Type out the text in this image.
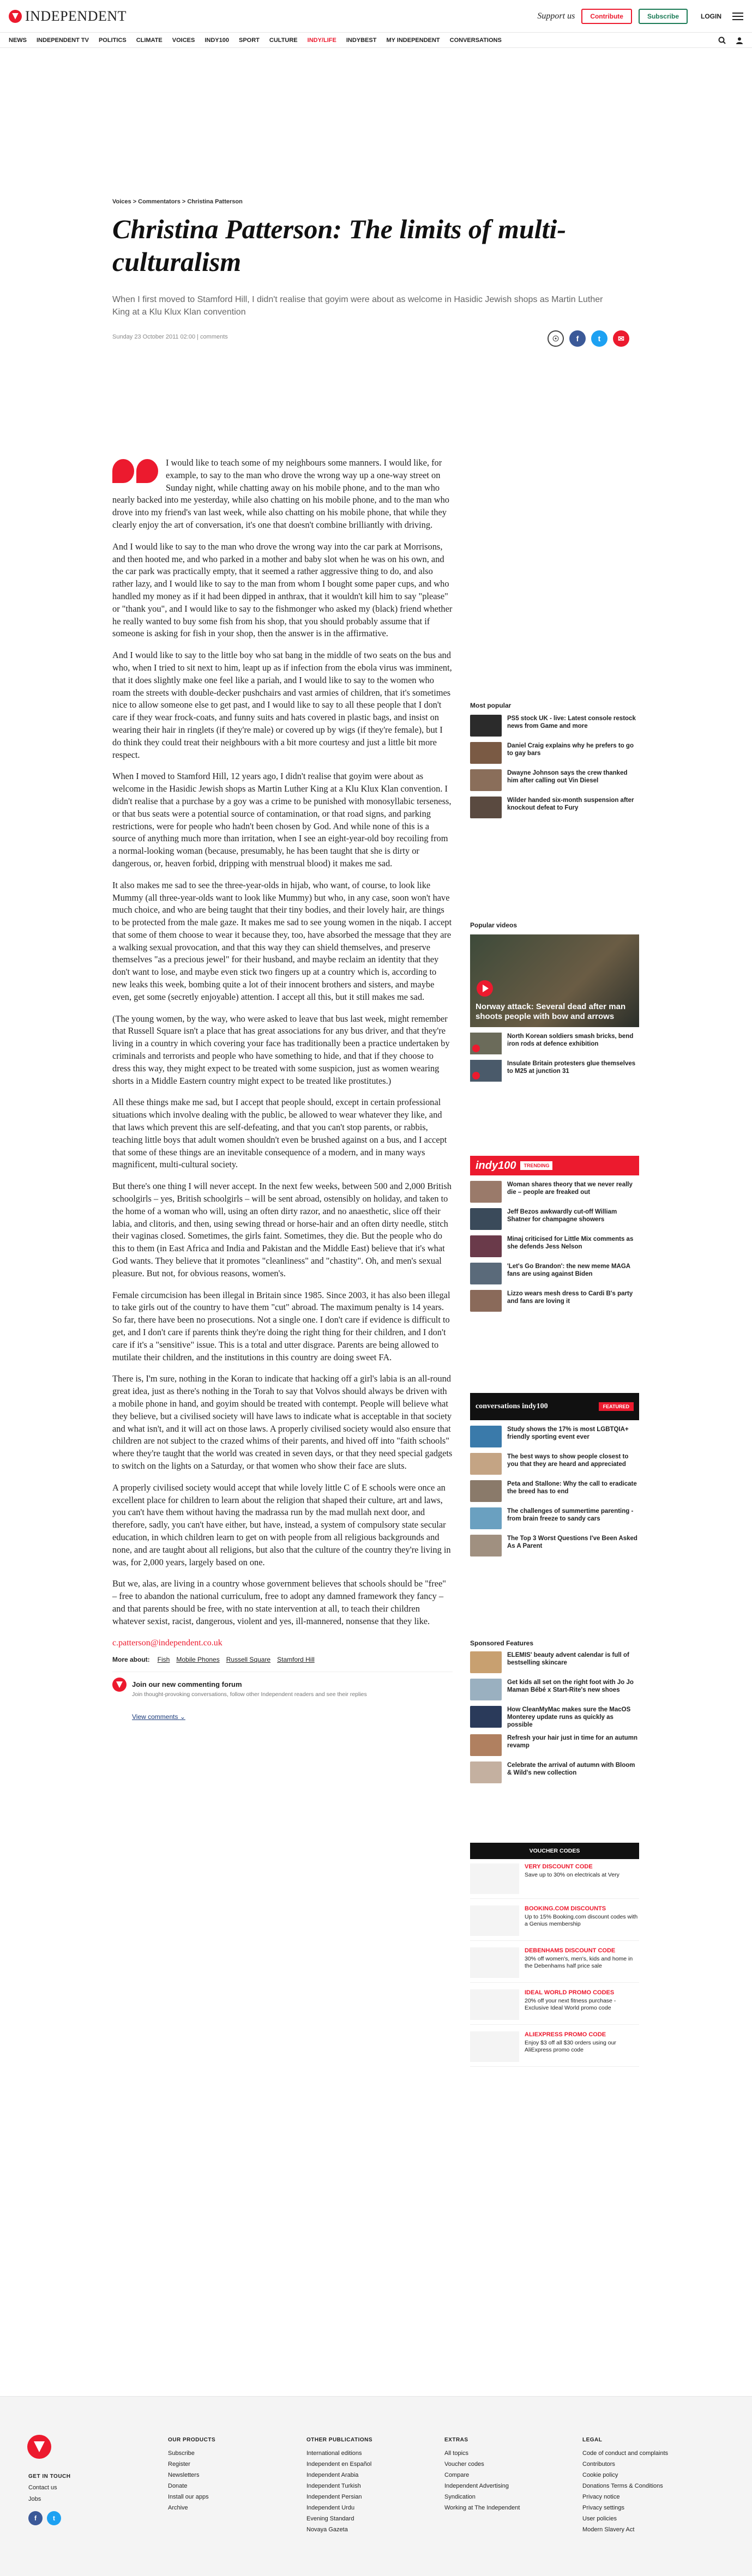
INDEPENDENT	Support us	Contribute	Subscribe	LOGIN
NEWS INDEPENDENT TV POLITICS CLIMATE VOICES INDY100 SPORT CULTURE INDY/LIFE INDYBEST MY INDEPENDENT CONVERSATIONS
Voices > Commentators > Christina Patterson
Christina Patterson: The limits of multi-culturalism
When I first moved to Stamford Hill, I didn't realise that goyim were about as welcome in Hasidic Jewish shops as Martin Luther King at a Klu Klux Klan convention
Sunday 23 October 2011 02:00 | comments	☉	f	t	✉

I would like to teach some of my neighbours some manners. I would like, for example, to say to the man who drove the wrong way up a one-way street on Sunday night, while chatting away on his mobile phone, and to the man who nearly backed into me yesterday, while also chatting on his mobile phone, and to the man who drove into my friend's van last week, while also chatting on his mobile phone, that while they clearly enjoy the art of conversation, it's one that doesn't combine brilliantly with driving.

And I would like to say to the man who drove the wrong way into the car park at Morrisons, and then hooted me, and who parked in a mother and baby slot when he was on his own, and the car park was practically empty, that it seemed a rather aggressive thing to do, and also rather lazy, and I would like to say to the man from whom I bought some paper cups, and who handled my money as if it had been dipped in anthrax, that it wouldn't kill him to say "please" or "thank you", and I would like to say to the fishmonger who asked my (black) friend whether he really wanted to buy some fish from his shop, that you should probably assume that if someone is asking for fish in your shop, then the answer is in the affirmative.

And I would like to say to the little boy who sat bang in the middle of two seats on the bus and who, when I tried to sit next to him, leapt up as if infection from the ebola virus was imminent, that it does slightly make one feel like a pariah, and I would like to say to the women who roam the streets with double-decker pushchairs and vast armies of children, that it's sometimes nice to allow someone else to get past, and I would like to say to all these people that I don't care if they wear frock-coats, and funny suits and hats covered in plastic bags, and insist on wearing their hair in ringlets (if they're male) or covered up by wigs (if they're female), but I do think they could treat their neighbours with a bit more courtesy and just a little bit more respect.

When I moved to Stamford Hill, 12 years ago, I didn't realise that goyim were about as welcome in the Hasidic Jewish shops as Martin Luther King at a Klu Klux Klan convention. I didn't realise that a purchase by a goy was a crime to be punished with monosyllabic terseness, or that bus seats were a potential source of contamination, or that road signs, and parking restrictions, were for people who hadn't been chosen by God. And while none of this is a source of anything much more than irritation, when I see an eight-year-old boy recoiling from a normal-looking woman (because, presumably, he has been taught that she is dirty or dangerous, or, heaven forbid, dripping with menstrual blood) it makes me sad.

It also makes me sad to see the three-year-olds in hijab, who want, of course, to look like Mummy (all three-year-olds want to look like Mummy) but who, in any case, soon won't have much choice, and who are being taught that their tiny bodies, and their lovely hair, are things to be protected from the male gaze. It makes me sad to see young women in the niqab. I accept that some of them choose to wear it because they, too, have absorbed the message that they are a walking sexual provocation, and that this way they can shield themselves, and preserve themselves "as a precious jewel" for their husband, and maybe reclaim an identity that they don't want to lose, and maybe even stick two fingers up at a country which is, according to new leaks this week, bombing quite a lot of their innocent brothers and sisters, and maybe even, get some (secretly enjoyable) attention. I accept all this, but it still makes me sad.

(The young women, by the way, who were asked to leave that bus last week, might remember that Russell Square isn't a place that has great associations for any bus driver, and that they're living in a country in which covering your face has traditionally been a practice undertaken by criminals and terrorists and people who have something to hide, and that if they choose to dress this way, they might expect to be treated with some suspicion, just as women wearing shorts in a Middle Eastern country might expect to be treated like prostitutes.)

All these things make me sad, but I accept that people should, except in certain professional situations which involve dealing with the public, be allowed to wear whatever they like, and that laws which prevent this are self-defeating, and that you can't stop parents, or rabbis, teaching little boys that adult women shouldn't even be brushed against on a bus, and I accept that some of these things are an inevitable consequence of a modern, and in many ways magnificent, multi-cultural society.

But there's one thing I will never accept. In the next few weeks, between 500 and 2,000 British schoolgirls – yes, British schoolgirls – will be sent abroad, ostensibly on holiday, and taken to the home of a woman who will, using an often dirty razor, and no anaesthetic, slice off their labia, and clitoris, and then, using sewing thread or horse-hair and an often dirty needle, stitch their vaginas closed. Sometimes, the girls faint. Sometimes, they die. But the people who do this to them (in East Africa and India and Pakistan and the Middle East) believe that it's what God wants. They believe that it promotes "cleanliness" and "chastity". Oh, and men's sexual pleasure. But not, for obvious reasons, women's.

Female circumcision has been illegal in Britain since 1985. Since 2003, it has also been illegal to take girls out of the country to have them "cut" abroad. The maximum penalty is 14 years. So far, there have been no prosecutions. Not a single one. I don't care if evidence is difficult to get, and I don't care if parents think they're doing the right thing for their children, and I don't care if it's a "sensitive" issue. This is a total and utter disgrace. Parents are being allowed to mutilate their children, and the institutions in this country are doing sweet FA.

There is, I'm sure, nothing in the Koran to indicate that hacking off a girl's labia is an all-round great idea, just as there's nothing in the Torah to say that Volvos should always be driven with a mobile phone in hand, and goyim should be treated with contempt. People will believe what they believe, but a civilised society will have laws to indicate what is acceptable in that society and what isn't, and it will act on those laws. A properly civilised society would also ensure that children are not subject to the crazed whims of their parents, and hived off into "faith schools" where they're taught that the world was created in seven days, or that they need special gadgets to switch on the lights on a Saturday, or that women who show their face are sluts.

A properly civilised society would accept that while lovely little C of E schools were once an excellent place for children to learn about the religion that shaped their culture, art and laws, you can't have them without having the madrassa run by the mad mullah next door, and therefore, sadly, you can't have either, but have, instead, a system of compulsory state secular education, in which children learn to get on with people from all religious backgrounds and none, and are taught about all religions, but also that the culture of the country they're living in was, for 2,000 years, largely based on one.

But we, alas, are living in a country whose government believes that schools should be "free" – free to abandon the national curriculum, free to adopt any damned framework they fancy – and that parents should be free, with no state intervention at all, to teach their children whatever sexist, racist, dangerous, violent and yes, ill-mannered, nonsense that they like.

c.patterson@independent.co.uk
More about: Fish Mobile Phones Russell Square Stamford Hill
Join our new commenting forum
Join thought-provoking conversations, follow other Independent readers and see their replies
View comments ⌄
Most popular
PS5 stock UK - live: Latest console restock news from Game and more
Daniel Craig explains why he prefers to go to gay bars
Dwayne Johnson says the crew thanked him after calling out Vin Diesel
Wilder handed six-month suspension after knockout defeat to Fury
Popular videos
Norway attack: Several dead after man shoots people with bow and arrows
North Korean soldiers smash bricks, bend iron rods at defence exhibition
Insulate Britain protesters glue themselves to M25 at junction 31
indy100	TRENDING
Woman shares theory that we never really die – people are freaked out
Jeff Bezos awkwardly cut-off William Shatner for champagne showers
Minaj criticised for Little Mix comments as she defends Jess Nelson
'Let's Go Brandon': the new meme MAGA fans are using against Biden
Lizzo wears mesh dress to Cardi B's party and fans are loving it
conversations indy100	FEATURED
Study shows the 17% is most LGBTQIA+ friendly sporting event ever
The best ways to show people closest to you that they are heard and appreciated
Peta and Stallone: Why the call to eradicate the breed has to end
The challenges of summertime parenting - from brain freeze to sandy cars
The Top 3 Worst Questions I've Been Asked As A Parent
Sponsored Features
ELEMIS' beauty advent calendar is full of bestselling skincare
Get kids all set on the right foot with Jo Jo Maman Bébé x Start-Rite's new shoes
How CleanMyMac makes sure the MacOS Monterey update runs as quickly as possible
Refresh your hair just in time for an autumn revamp
Celebrate the arrival of autumn with Bloom & Wild's new collection
VOUCHER CODES
VERY DISCOUNT CODE
Save up to 30% on electricals at Very
BOOKING.COM DISCOUNTS
Up to 15% Booking.com discount codes with a Genius membership
DEBENHAMS DISCOUNT CODE
30% off women's, men's, kids and home in the Debenhams half price sale
IDEAL WORLD PROMO CODES
20% off your next fitness purchase - Exclusive Ideal World promo code
ALIEXPRESS PROMO CODE
Enjoy $3 off all $30 orders using our AliExpress promo code
GET IN TOUCH
Contact us
Jobs
f	t
OUR PRODUCTS
Subscribe
Register
Newsletters
Donate
Install our apps
Archive
OTHER PUBLICATIONS
International editions
Independent en Español
Independent Arabia
Independent Turkish
Independent Persian
Independent Urdu
Evening Standard
Novaya Gazeta
EXTRAS
All topics
Voucher codes
Compare
Independent Advertising
Syndication
Working at The Independent
LEGAL
Code of conduct and complaints
Contributors
Cookie policy
Donations Terms & Conditions
Privacy notice
Privacy settings
User policies
Modern Slavery Act
